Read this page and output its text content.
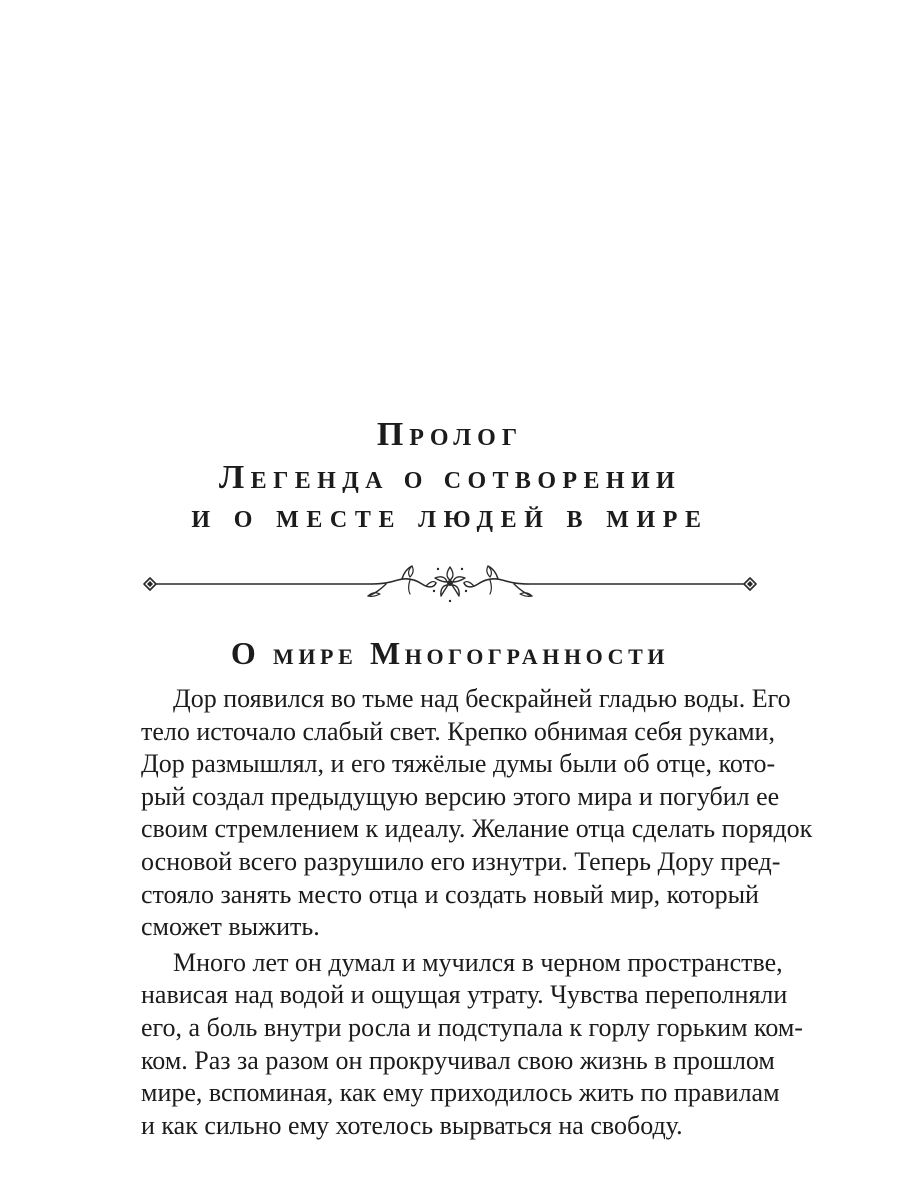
Пролог
Легенда о сотворении
и о месте людей в мире
О мире Многогранности
Дор появился во тьме над бескрайней гладью воды. Его
тело источало слабый свет. Крепко обнимая себя руками,
Дор размышлял, и его тяжёлые думы были об отце, кото-
рый создал предыдущую версию этого мира и погубил ее
своим стремлением к идеалу. Желание отца сделать порядок
основой всего разрушило его изнутри. Теперь Дору пред-
стояло занять место отца и создать новый мир, который
сможет выжить.
Много лет он думал и мучился в черном пространстве,
нависая над водой и ощущая утрату. Чувства переполняли
его, а боль внутри росла и подступала к горлу горьким ком-
ком. Раз за разом он прокручивал свою жизнь в прошлом
мире, вспоминая, как ему приходилось жить по правилам
и как сильно ему хотелось вырваться на свободу.
